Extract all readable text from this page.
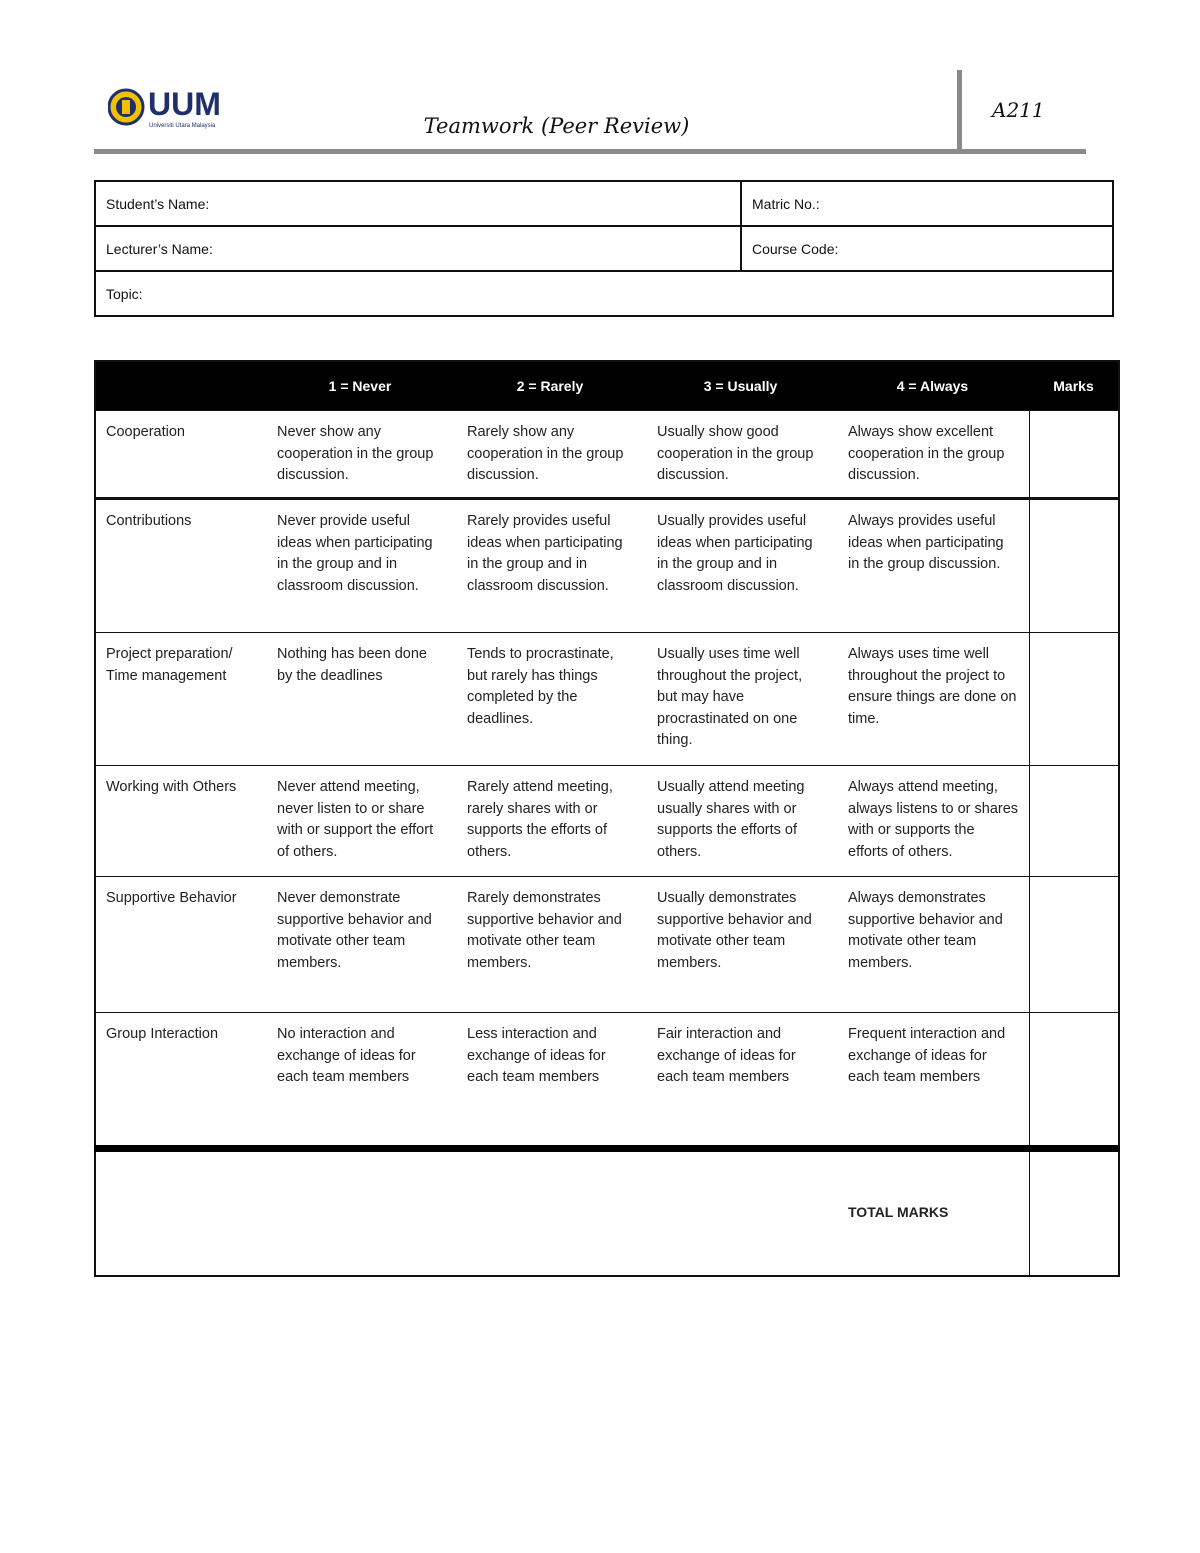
UUM
Universiti Utara Malaysia	Teamwork (Peer Review)
A211
Student’s Name:	Matric No.:
Lecturer’s Name:	Course Code:
Topic:	
	1 = Never	2 = Rarely	3 = Usually	4 = Always	Marks
Cooperation	Never show any cooperation in the group discussion.	Rarely show any cooperation in the group discussion.	Usually show good cooperation in the group discussion.	Always show excellent cooperation in the group discussion.	
Contributions	Never provide useful ideas when participating in the group and in classroom discussion.	Rarely provides useful ideas when participating in the group and in classroom discussion.	Usually provides useful ideas when participating in the group and in classroom discussion.	Always provides useful ideas when participating in the group discussion.	
Project preparation/ Time management	Nothing has been done by the deadlines	Tends to procrastinate, but rarely has things completed by the deadlines.	Usually uses time well throughout the project, but may have procrastinated on one thing.	Always uses time well throughout the project to ensure things are done on time.	
Working with Others	Never attend meeting, never listen to or share with or support the effort of others.	Rarely attend meeting, rarely shares with or supports the efforts of others.	Usually attend meeting usually shares with or supports the efforts of others.	Always attend meeting, always listens to or shares with or supports the efforts of others.	
Supportive Behavior	Never demonstrate supportive behavior and motivate other team members.	Rarely demonstrates supportive behavior and motivate other team members.	Usually demonstrates supportive behavior and motivate other team members.	Always demonstrates supportive behavior and motivate other team members.	
Group Interaction	No interaction and exchange of ideas for each team members	Less interaction and exchange of ideas for each team members	Fair interaction and exchange of ideas for each team members	Frequent interaction and exchange of ideas for each team members	
				TOTAL MARKS	
